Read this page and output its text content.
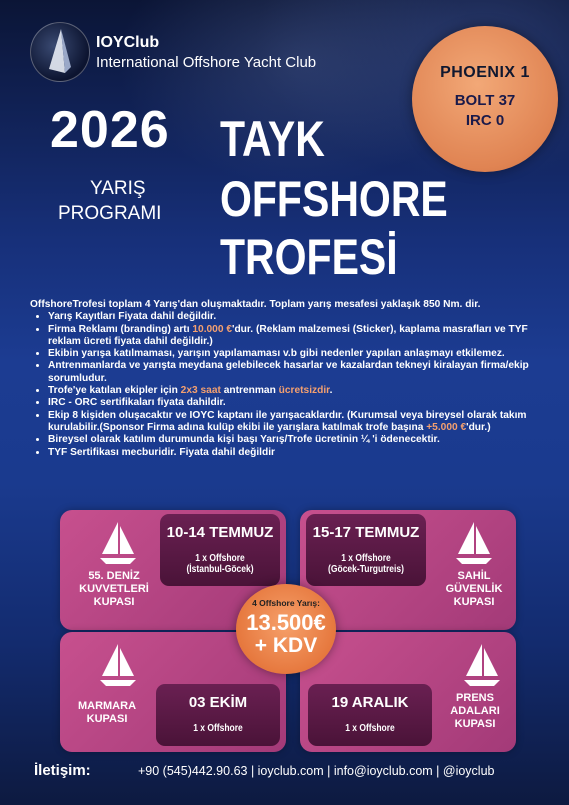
IOYClub
International Offshore Yacht Club
PHOENIX 1
BOLT 37
IRC 0
2026 TAYK
YARIŞ
PROGRAMI OFFSHORE
TROFESİ
OffshoreTrofesi toplam 4 Yarış'dan oluşmaktadır. Toplam yarış mesafesi yaklaşık 850 Nm. dir.
• Yarış Kayıtları Fiyata dahil değildir.
• Firma Reklamı (branding) artı 10.000 €'dur. (Reklam malzemesi (Sticker), kaplama masrafları ve TYF reklam ücreti fiyata dahil değildir.)
• Ekibin yarışa katılmaması, yarışın yapılamaması v.b gibi nedenler yapılan anlaşmayı etkilemez.
• Antrenmanlarda ve yarışta meydana gelebilecek hasarlar ve kazalardan tekneyi kiralayan firma/ekip sorumludur.
• Trofe'ye katılan ekipler için 2x3 saat antrenman ücretsizdir.
• IRC - ORC sertifikaları fiyata dahildir.
• Ekip 8 kişiden oluşacaktır ve IOYC kaptanı ile yarışacaklardır. (Kurumsal veya bireysel olarak takım kurulabilir.(Sponsor Firma adına kulüp ekibi ile yarışlara katılmak trofe başına +5.000 €'dur.)
• Bireysel olarak katılım durumunda kişi başı Yarış/Trofe ücretinin ¼ 'i ödenecektir.
• TYF Sertifikası mecburidir. Fiyata dahil değildir
10-14 TEMMUZ
1 x Offshore
(İstanbul-Göcek)
55. DENİZ KUVVETLERİ KUPASI
15-17 TEMMUZ
1 x Offshore
(Göcek-Turgutreis)
SAHİL GÜVENLİK KUPASI
MARMARA KUPASI
03 EKİM
1 x Offshore
19 ARALIK
1 x Offshore
PRENS ADALARI KUPASI
4 Offshore Yarış:
13.500€
+ KDV
İletişim:	+90 (545)442.90.63 | ioyclub.com | info@ioyclub.com | @ioyclub
